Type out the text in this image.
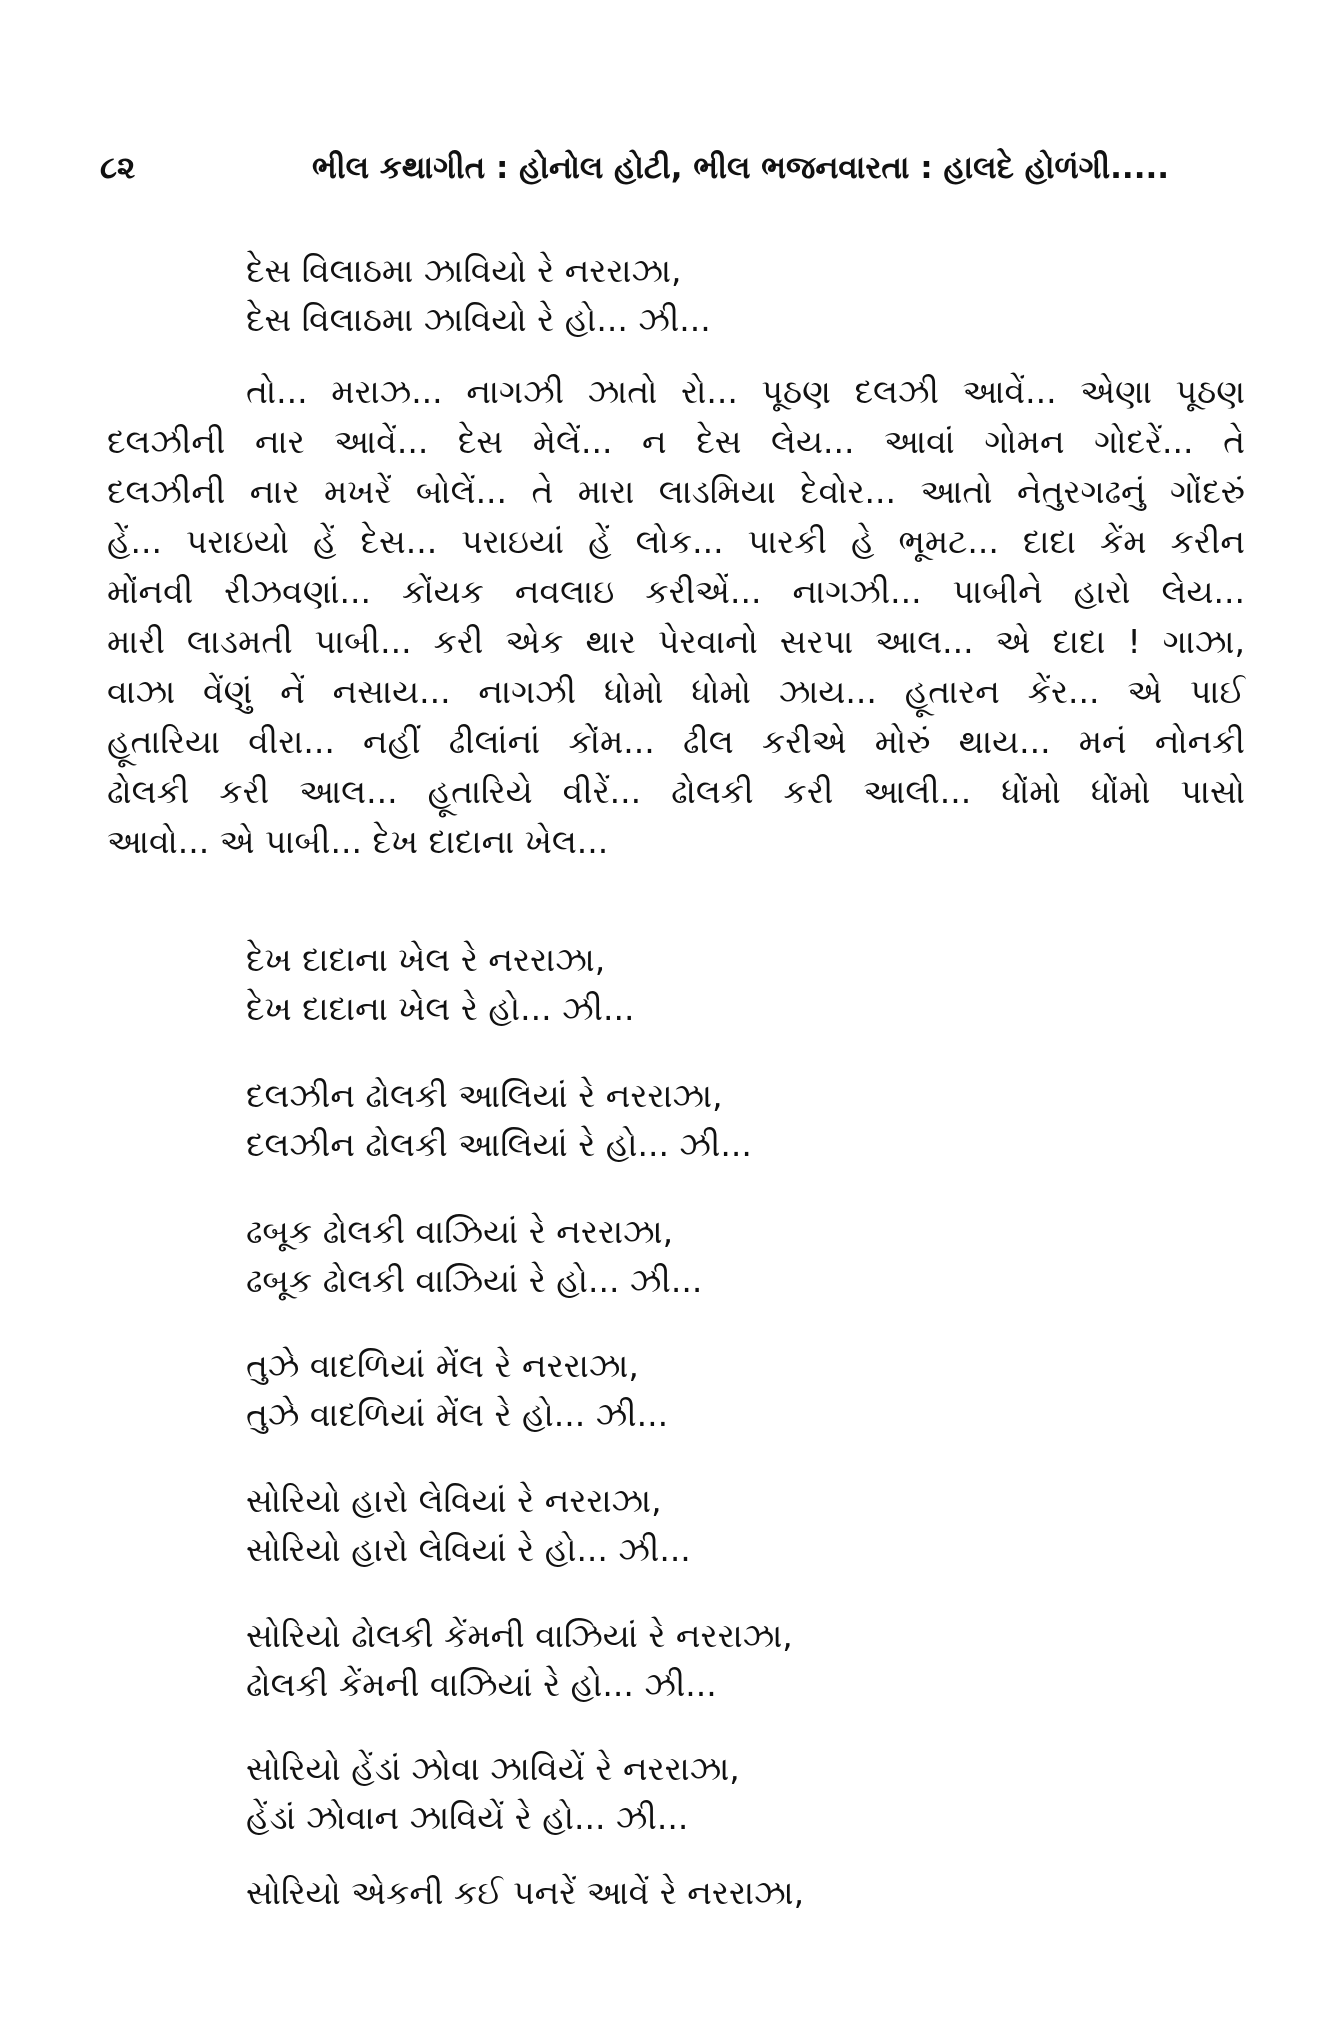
૮૨	ભીલ કથાગીત : હોનોલ હોટી, ભીલ ભજનવારતા : હાલદે હોળંગી.....
દેસ વિલાઠમા ઝાવિયો રે નરરાઝા,
દેસ વિલાઠમા ઝાવિયો રે હો... ઝી...
તો... મરાઝ... નાગઝી ઝાતો રો... પૂઠણ દલઝી આવેં... એણા પૂઠણ
દલઝીની નાર આવેં... દેસ મેલેં... ન દેસ લેય... આવાં ગોમન ગોદરેં... તે
દલઝીની નાર મખરેં બોલેં... તે મારા લાડમિયા દેવોર... આતો નેતુરગઢનું ગોંદરું
હેં... પરાઇયો હેં દેસ... પરાઇયાં હેં લોક... પારકી હે ભૂમટ... દાદા કેંમ કરીન
મોંનવી રીઝવણાં... કોંયક નવલાઇ કરીએં... નાગઝી... પાબીને હારો લેય...
મારી લાડમતી પાબી... કરી એક થાર પેરવાનો સરપા આલ... એ દાદા ! ગાઝા,
વાઝા વેંણું નેં નસાય... નાગઝી ધોમો ધોમો ઝાય... હૂતારન કેંર... એ પાઈ
હૂતારિયા વીરા... નહીં ઢીલાંનાં કોંમ... ઢીલ કરીએ મોરું થાય... મનં નોનકી
ઢોલકી કરી આલ... હૂતારિયે વીરેં... ઢોલકી કરી આલી... ધોંમો ધોંમો પાસો
આવો... એ પાબી... દેખ દાદાના ખેલ...
દેખ દાદાના ખેલ રે નરરાઝા,
દેખ દાદાના ખેલ રે હો... ઝી...
દલઝીન ઢોલકી આલિયાં રે નરરાઝા,
દલઝીન ઢોલકી આલિયાં રે હો... ઝી...
ઢબૂક ઢોલકી વાઝિયાં રે નરરાઝા,
ઢબૂક ઢોલકી વાઝિયાં રે હો... ઝી...
તુઝે વાદળિયાં મેંલ રે નરરાઝા,
તુઝે વાદળિયાં મેંલ રે હો... ઝી...
સોરિયો હારો લેવિયાં રે નરરાઝા,
સોરિયો હારો લેવિયાં રે હો... ઝી...
સોરિયો ઢોલકી કેંમની વાઝિયાં રે નરરાઝા,
ઢોલકી કેંમની વાઝિયાં રે હો... ઝી...
સોરિયો હેંડાં ઝોવા ઝાવિયેં રે નરરાઝા,
હેંડાં ઝોવાન ઝાવિયેં રે હો... ઝી...
સોરિયો એકની કઈ પનરેં આવેં રે નરરાઝા,
